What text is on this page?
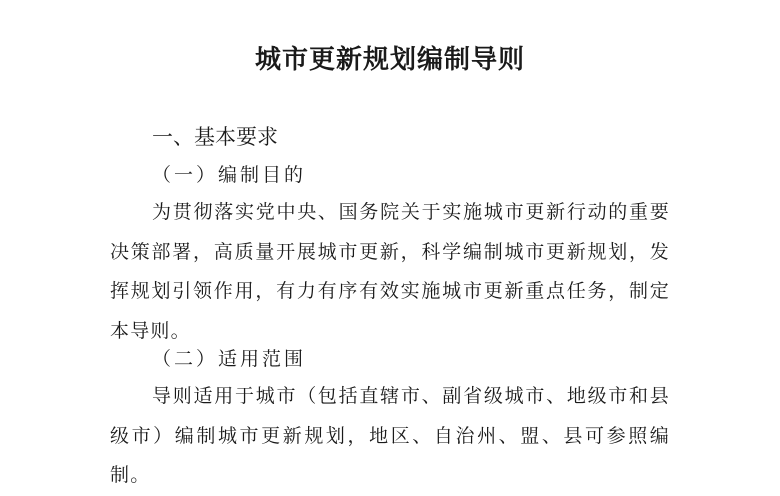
城市更新规划编制导则
一、基本要求
（一）编制目的

为贯彻落实党中央、国务院关于实施城市更新行动的重要决策部署，高质量开展城市更新，科学编制城市更新规划，发挥规划引领作用，有力有序有效实施城市更新重点任务，制定本导则。

（二）适用范围

导则适用于城市（包括直辖市、副省级城市、地级市和县级市）编制城市更新规划，地区、自治州、盟、县可参照编制。
